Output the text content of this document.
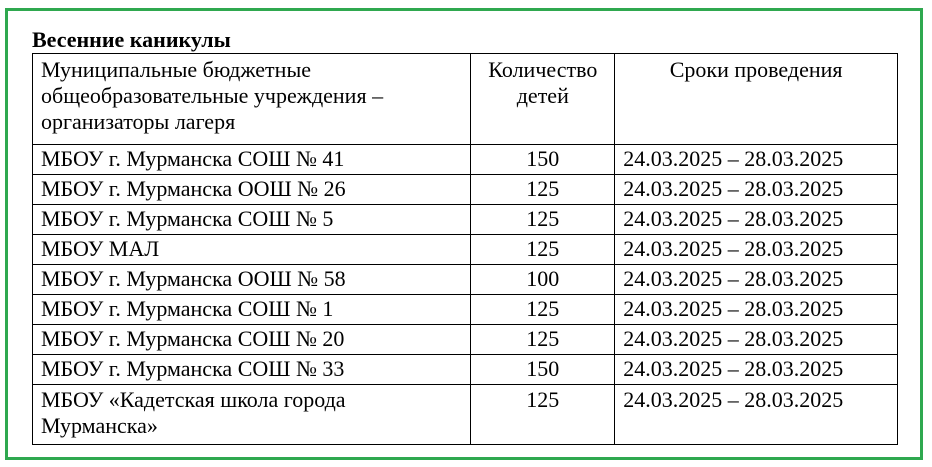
Весенние каникулы
Муниципальные бюджетные общеобразовательные учреждения – организаторы лагеря	Количество детей	Сроки проведения
МБОУ г. Мурманска СОШ № 41	150	24.03.2025 – 28.03.2025
МБОУ г. Мурманска ООШ № 26	125	24.03.2025 – 28.03.2025
МБОУ г. Мурманска СОШ № 5	125	24.03.2025 – 28.03.2025
МБОУ МАЛ	125	24.03.2025 – 28.03.2025
МБОУ г. Мурманска ООШ № 58	100	24.03.2025 – 28.03.2025
МБОУ г. Мурманска СОШ № 1	125	24.03.2025 – 28.03.2025
МБОУ г. Мурманска СОШ № 20	125	24.03.2025 – 28.03.2025
МБОУ г. Мурманска СОШ № 33	150	24.03.2025 – 28.03.2025
МБОУ «Кадетская школа города Мурманска»	125	24.03.2025 – 28.03.2025
